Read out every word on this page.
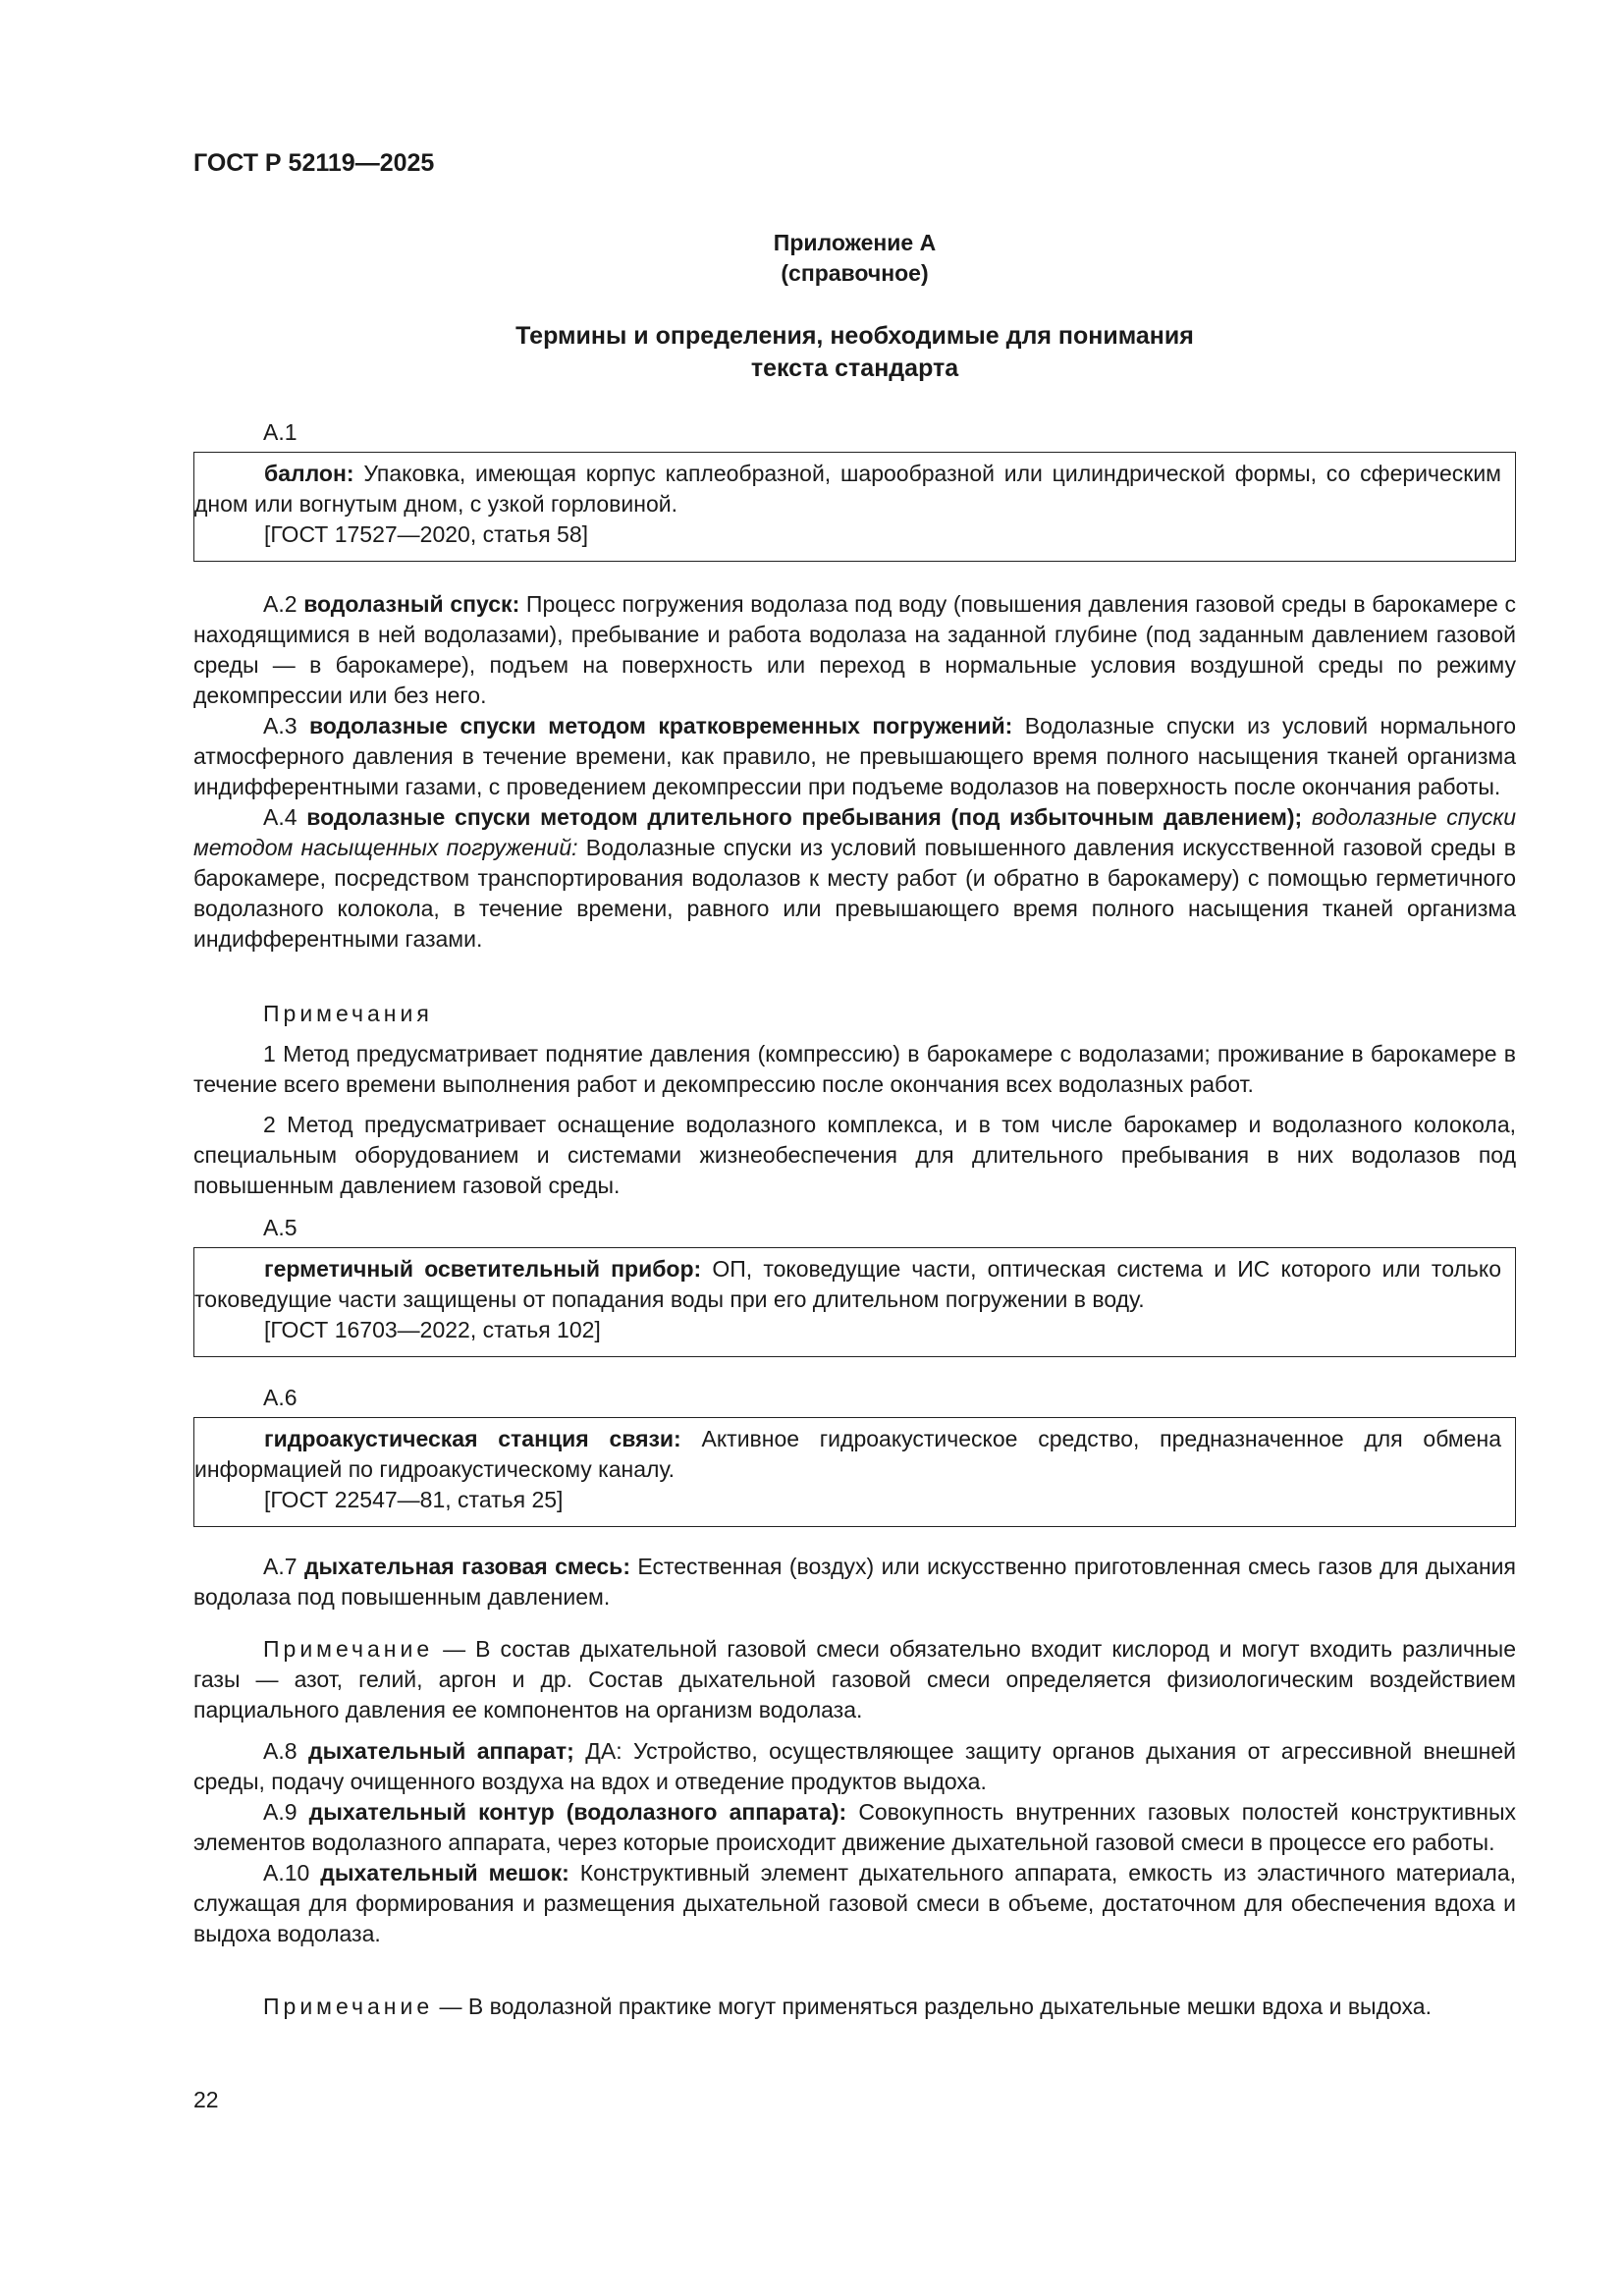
ГОСТ Р 52119—2025
Приложение А
(справочное)
Термины и определения, необходимые для понимания
текста стандарта
А.1

баллон: Упаковка, имеющая корпус каплеобразной, шарообразной или цилиндрической формы, со сферическим дном или вогнутым дном, с узкой горловиной.

[ГОСТ 17527—2020, статья 58]

А.2 водолазный спуск: Процесс погружения водолаза под воду (повышения давления газовой среды в барокамере с находящимися в ней водолазами), пребывание и работа водолаза на заданной глубине (под заданным давлением газовой среды — в барокамере), подъем на поверхность или переход в нормальные условия воздушной среды по режиму декомпрессии или без него.

А.3 водолазные спуски методом кратковременных погружений: Водолазные спуски из условий нормального атмосферного давления в течение времени, как правило, не превышающего время полного насыщения тканей организма индифферентными газами, с проведением декомпрессии при подъеме водолазов на поверхность после окончания работы.

А.4 водолазные спуски методом длительного пребывания (под избыточным давлением); водолазные спуски методом насыщенных погружений: Водолазные спуски из условий повышенного давления искусственной газовой среды в барокамере, посредством транспортирования водолазов к месту работ (и обратно в барокамеру) с помощью герметичного водолазного колокола, в течение времени, равного или превышающего время полного насыщения тканей организма индифферентными газами.

Примечания

1 Метод предусматривает поднятие давления (компрессию) в барокамере с водолазами; проживание в барокамере в течение всего времени выполнения работ и декомпрессию после окончания всех водолазных работ.

2 Метод предусматривает оснащение водолазного комплекса, и в том числе барокамер и водолазного колокола, специальным оборудованием и системами жизнеобеспечения для длительного пребывания в них водолазов под повышенным давлением газовой среды.

А.5

герметичный осветительный прибор: ОП, токоведущие части, оптическая система и ИС которого или только токоведущие части защищены от попадания воды при его длительном погружении в воду.

[ГОСТ 16703—2022, статья 102]

А.6

гидроакустическая станция связи: Активное гидроакустическое средство, предназначенное для обмена информацией по гидроакустическому каналу.

[ГОСТ 22547—81, статья 25]

А.7 дыхательная газовая смесь: Естественная (воздух) или искусственно приготовленная смесь газов для дыхания водолаза под повышенным давлением.

Примечание — В состав дыхательной газовой смеси обязательно входит кислород и могут входить различные газы — азот, гелий, аргон и др. Состав дыхательной газовой смеси определяется физиологическим воздействием парциального давления ее компонентов на организм водолаза.

А.8 дыхательный аппарат; ДА: Устройство, осуществляющее защиту органов дыхания от агрессивной внешней среды, подачу очищенного воздуха на вдох и отведение продуктов выдоха.

А.9 дыхательный контур (водолазного аппарата): Совокупность внутренних газовых полостей конструктивных элементов водолазного аппарата, через которые происходит движение дыхательной газовой смеси в процессе его работы.

А.10 дыхательный мешок: Конструктивный элемент дыхательного аппарата, емкость из эластичного материала, служащая для формирования и размещения дыхательной газовой смеси в объеме, достаточном для обеспечения вдоха и выдоха водолаза.

Примечание — В водолазной практике могут применяться раздельно дыхательные мешки вдоха и выдоха.

22
